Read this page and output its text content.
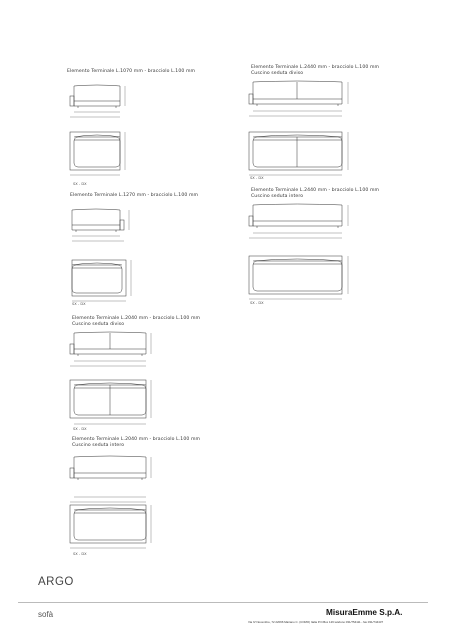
Elemento Terminale L.1070 mm - bracciolo L.100 mm
SX - DX
Elemento Terminale L.2440 mm - bracciolo L.100 mm
Cuscino seduta diviso
SX - DX
Elemento Terminale L.1270 mm - bracciolo L.100 mm
SX - DX
Elemento Terminale L.2440 mm - bracciolo L.100 mm
Cuscino seduta intero
SX - DX
Elemento Terminale L.2040 mm - bracciolo L.100 mm
Cuscino seduta diviso
SX - DX
Elemento Terminale L.2040 mm - bracciolo L.100 mm
Cuscino seduta intero
SX - DX
ARGO
sofà	MisuraEmme S.p.A.
Via IV Novembre, 72 22066 Mariano C. (COMO) Italia P.O.Box 126 telefono 031/754111 - fax 031/744437
